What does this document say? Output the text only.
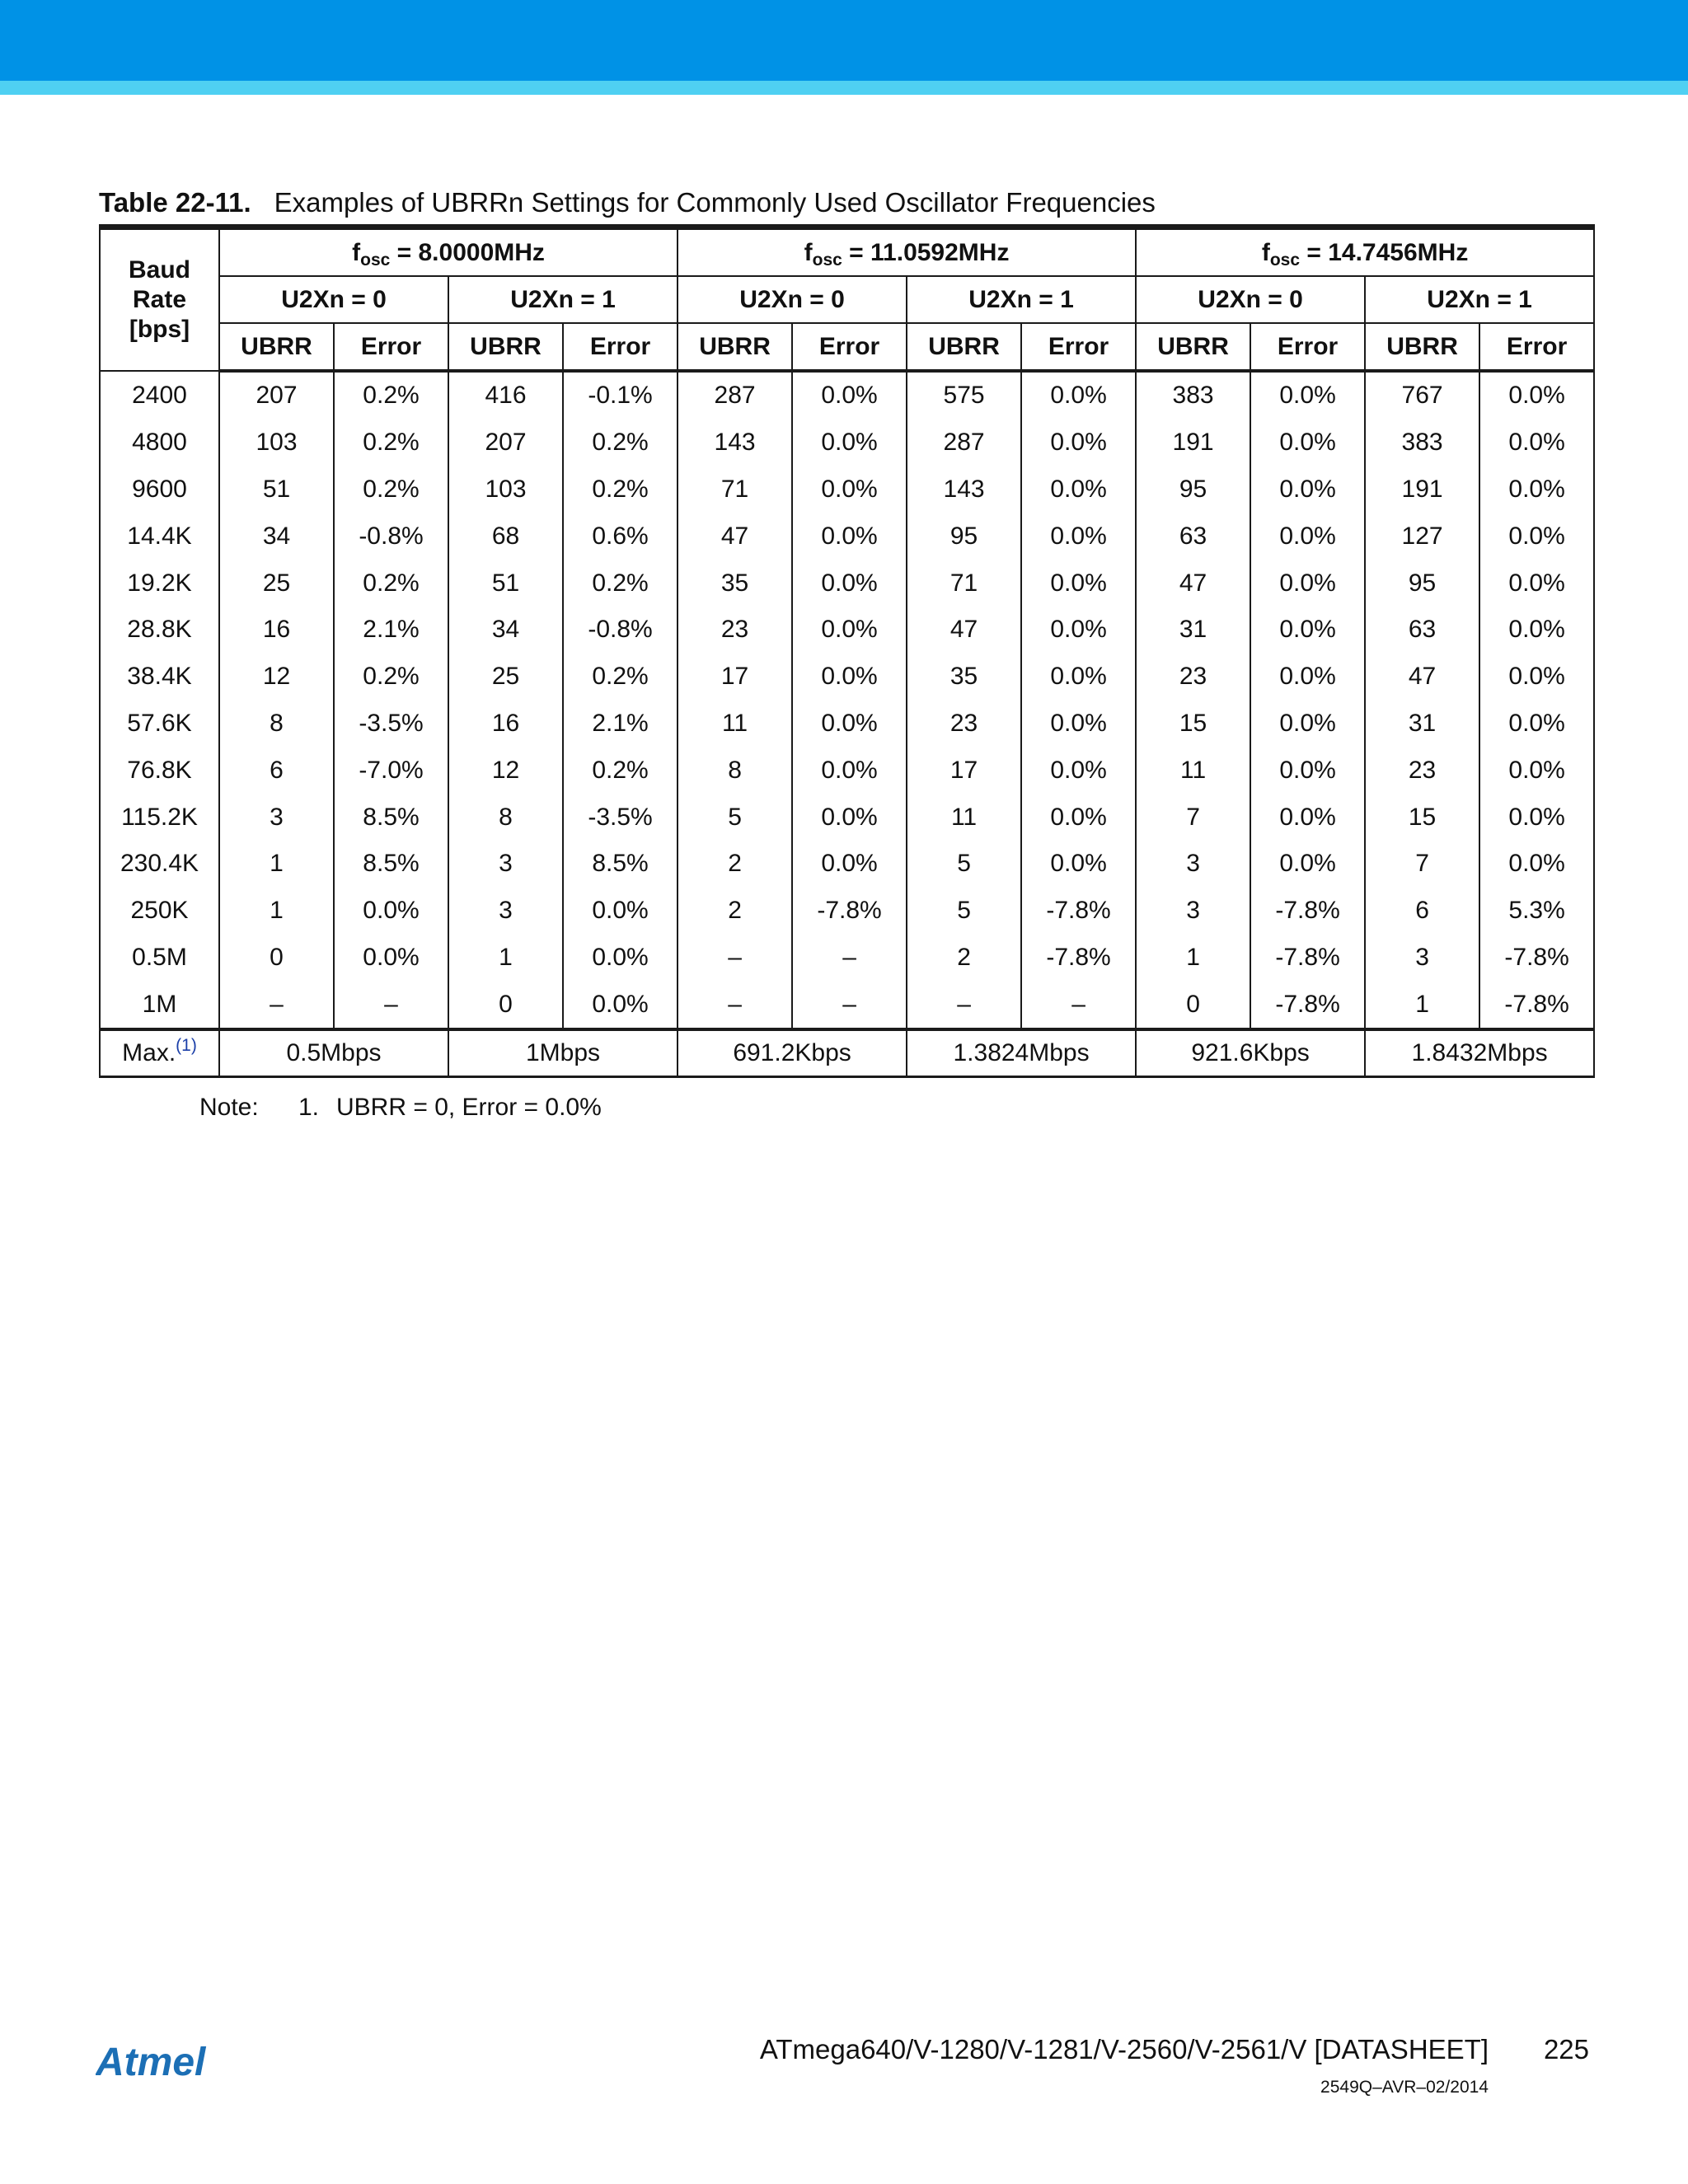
Table 22-11. Examples of UBRRn Settings for Commonly Used Oscillator Frequencies
Baud
Rate
[bps]	$f_{osc} = 8.0000MHz$				$f_{osc} = 11.0592MHz$				$f_{osc} = 14.7456MHz$			
	U2Xn = 0		U2Xn = 1		U2Xn = 0		U2Xn = 1		U2Xn = 0		U2Xn = 1	
	UBRR	Error	UBRR	Error	UBRR	Error	UBRR	Error	UBRR	Error	UBRR	Error
2400	207	0.2%	416	-0.1%	287	0.0%	575	0.0%	383	0.0%	767	0.0%
4800	103	0.2%	207	0.2%	143	0.0%	287	0.0%	191	0.0%	383	0.0%
9600	51	0.2%	103	0.2%	71	0.0%	143	0.0%	95	0.0%	191	0.0%
14.4K	34	-0.8%	68	0.6%	47	0.0%	95	0.0%	63	0.0%	127	0.0%
19.2K	25	0.2%	51	0.2%	35	0.0%	71	0.0%	47	0.0%	95	0.0%
28.8K	16	2.1%	34	-0.8%	23	0.0%	47	0.0%	31	0.0%	63	0.0%
38.4K	12	0.2%	25	0.2%	17	0.0%	35	0.0%	23	0.0%	47	0.0%
57.6K	8	-3.5%	16	2.1%	11	0.0%	23	0.0%	15	0.0%	31	0.0%
76.8K	6	-7.0%	12	0.2%	8	0.0%	17	0.0%	11	0.0%	23	0.0%
115.2K	3	8.5%	8	-3.5%	5	0.0%	11	0.0%	7	0.0%	15	0.0%
230.4K	1	8.5%	3	8.5%	2	0.0%	5	0.0%	3	0.0%	7	0.0%
250K	1	0.0%	3	0.0%	2	-7.8%	5	-7.8%	3	-7.8%	6	5.3%
0.5M	0	0.0%	1	0.0%	–	–	2	-7.8%	1	-7.8%	3	-7.8%
1M	–	–	0	0.0%	–	–	–	–	0	-7.8%	1	-7.8%
Max.$^{(1)}$	0.5Mbps		1Mbps		691.2Kbps		1.3824Mbps		921.6Kbps		1.8432Mbps	
Note: 1. UBRR = 0, Error = 0.0%
Atmel	ATmega640/V-1280/V-1281/V-2560/V-2561/V [DATASHEET] 225
2549Q–AVR–02/2014
